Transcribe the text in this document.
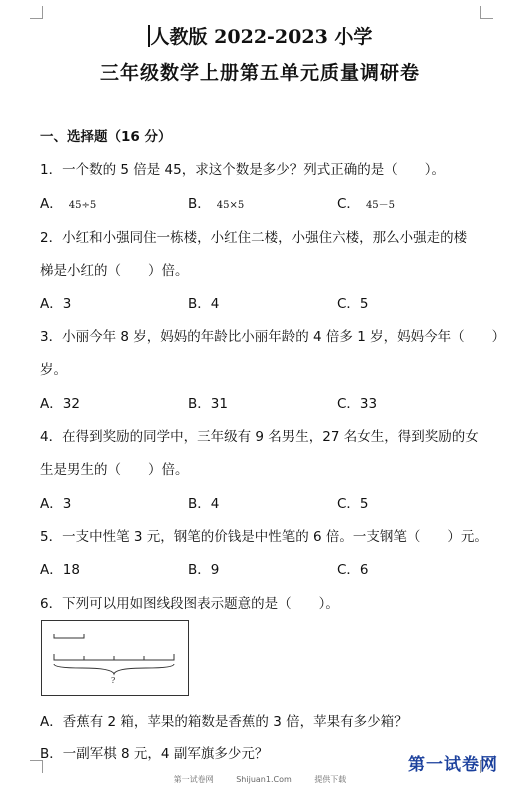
人教版 2022-2023 小学
三年级数学上册第五单元质量调研卷
一、选择题（16 分）
1．一个数的 5 倍是 45，求这个数是多少？列式正确的是（　　）。
A． 45÷5	B． 45×5	C． 45－5
2．小红和小强同住一栋楼，小红住二楼，小强住六楼，那么小强走的楼
梯是小红的（　　）倍。
A．3	B．4	C．5
3．小丽今年 8 岁，妈妈的年龄比小丽年龄的 4 倍多 1 岁，妈妈今年（　　）
岁。
A．32	B．31	C．33
4．在得到奖励的同学中，三年级有 9 名男生，27 名女生，得到奖励的女
生是男生的（　　）倍。
A．3	B．4	C．5
5．一支中性笔 3 元，钢笔的价钱是中性笔的 6 倍。一支钢笔（　　）元。
A．18	B．9	C．6
6．下列可以用如图线段图表示题意的是（　　）。
?
A．香蕉有 2 箱，苹果的箱数是香蕉的 3 倍，苹果有多少箱？
B．一副军棋 8 元，4 副军旗多少元？
第一试卷网	Shijuan1.Com	提供下载
第一试卷网
